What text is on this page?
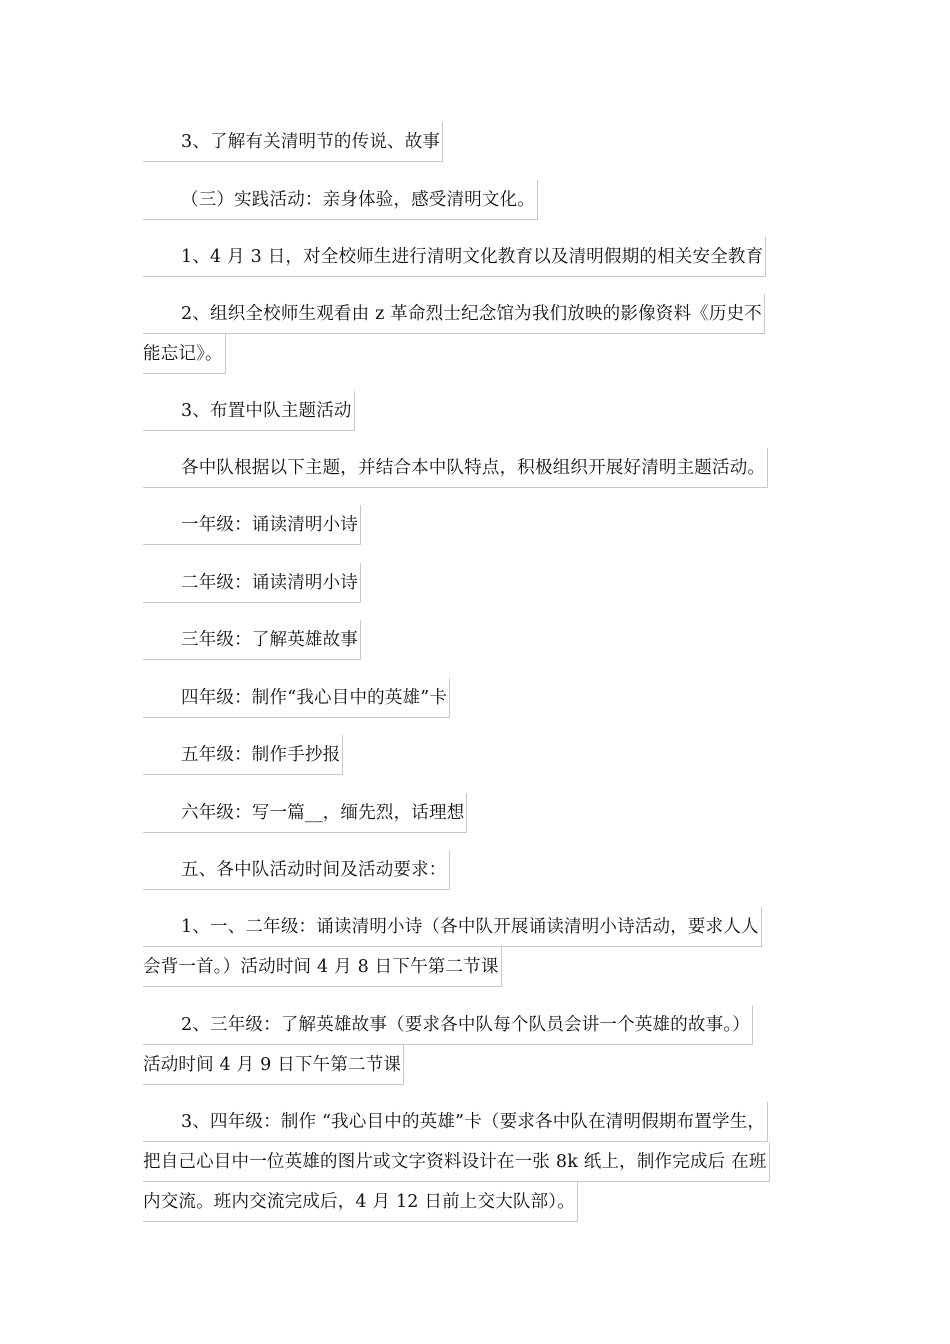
3、了解有关清明节的传说、故事
（三）实践活动：亲身体验，感受清明文化。
1、4 月 3 日，对全校师生进行清明文化教育以及清明假期的相关安全教育
2、组织全校师生观看由 z 革命烈士纪念馆为我们放映的影像资料《历史不
能忘记》。
3、布置中队主题活动
各中队根据以下主题，并结合本中队特点，积极组织开展好清明主题活动。
一年级：诵读清明小诗
二年级：诵读清明小诗
三年级：了解英雄故事
四年级：制作“我心目中的英雄”卡
五年级：制作手抄报
六年级：写一篇__，缅先烈，话理想
五、各中队活动时间及活动要求：
1、一、二年级：诵读清明小诗（各中队开展诵读清明小诗活动，要求人人
会背一首。）活动时间 4 月 8 日下午第二节课
2、三年级：了解英雄故事（要求各中队每个队员会讲一个英雄的故事。）
活动时间 4 月 9 日下午第二节课
3、四年级：制作 “我心目中的英雄”卡（要求各中队在清明假期布置学生，
把自己心目中一位英雄的图片或文字资料设计在一张 8k 纸上，制作完成后 在班
内交流。班内交流完成后，4 月 12 日前上交大队部）。
